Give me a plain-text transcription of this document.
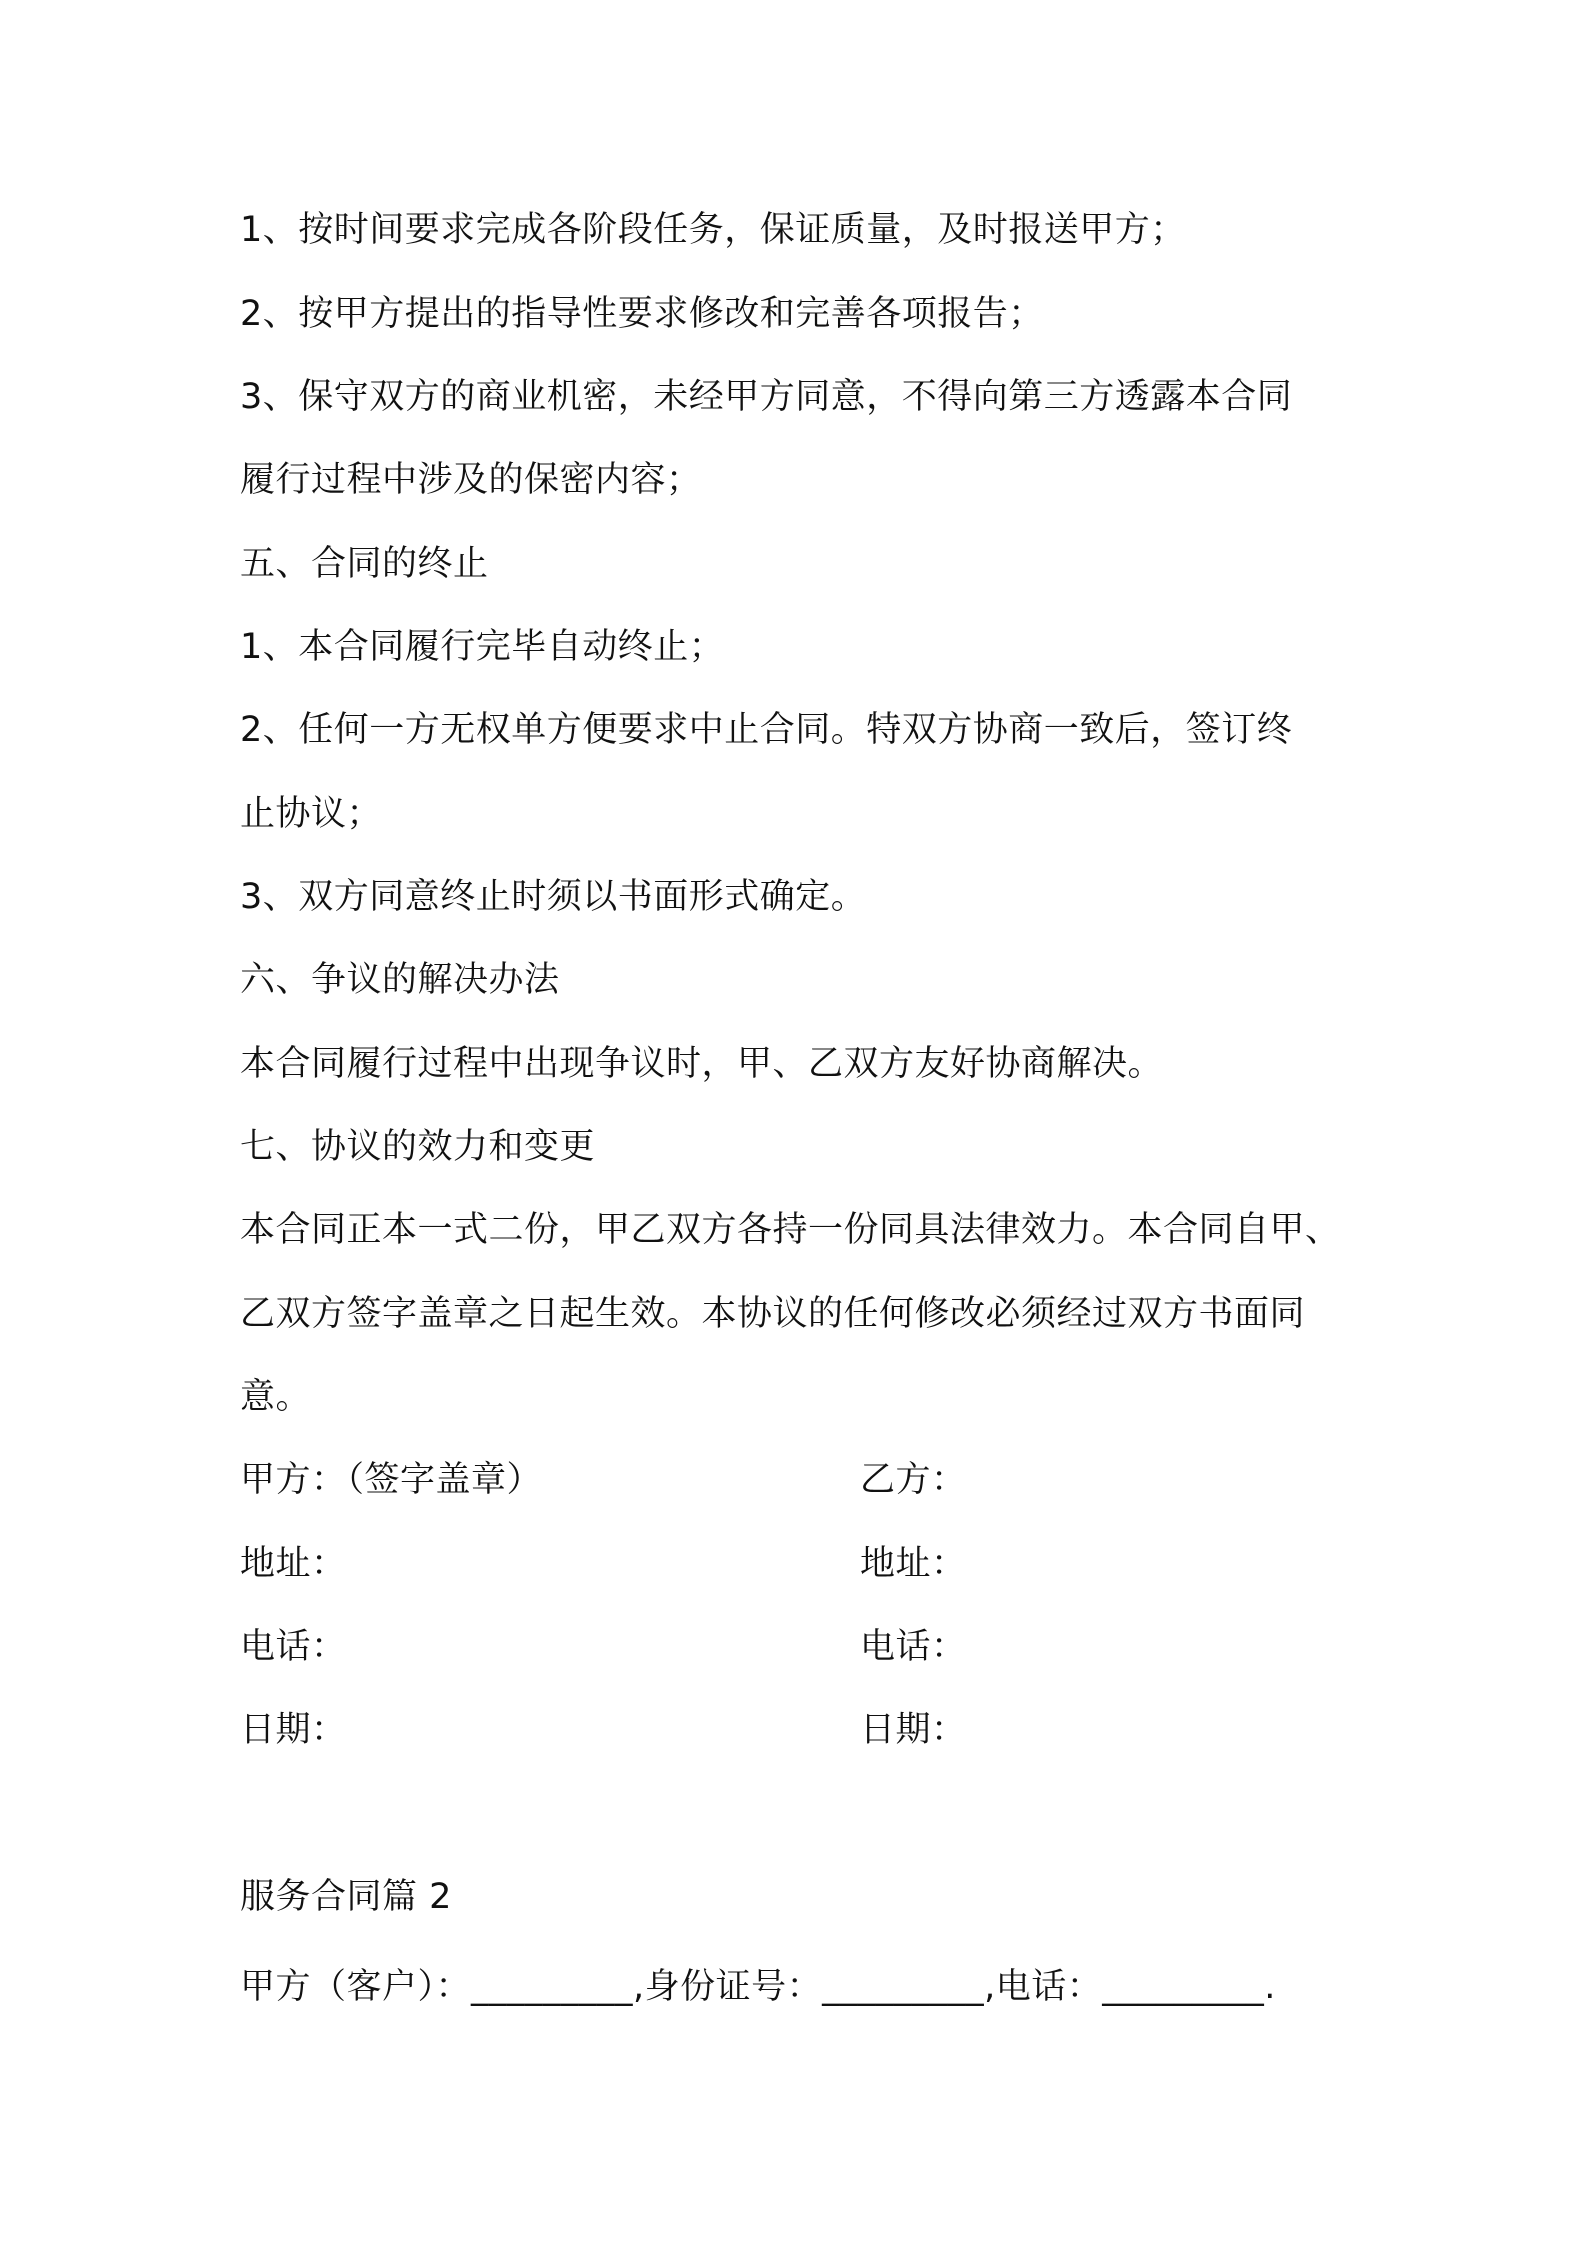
1、按时间要求完成各阶段任务，保证质量，及时报送甲方；
2、按甲方提出的指导性要求修改和完善各项报告；
3、保守双方的商业机密，未经甲方同意，不得向第三方透露本合同
履行过程中涉及的保密内容；
五、合同的终止
1、本合同履行完毕自动终止；
2、任何一方无权单方便要求中止合同。特双方协商一致后，签订终
止协议；
3、双方同意终止时须以书面形式确定。
六、争议的解决办法
本合同履行过程中出现争议时，甲、乙双方友好协商解决。
七、协议的效力和变更
本合同正本一式二份，甲乙双方各持一份同具法律效力。本合同自甲、
乙双方签字盖章之日起生效。本协议的任何修改必须经过双方书面同
意。
甲方：（签字盖章）	乙方：
地址：	地址：
电话：	电话：
日期：	日期：
服务合同篇 2
甲方（客户）：_________,身份证号：_________,电话：_________.
